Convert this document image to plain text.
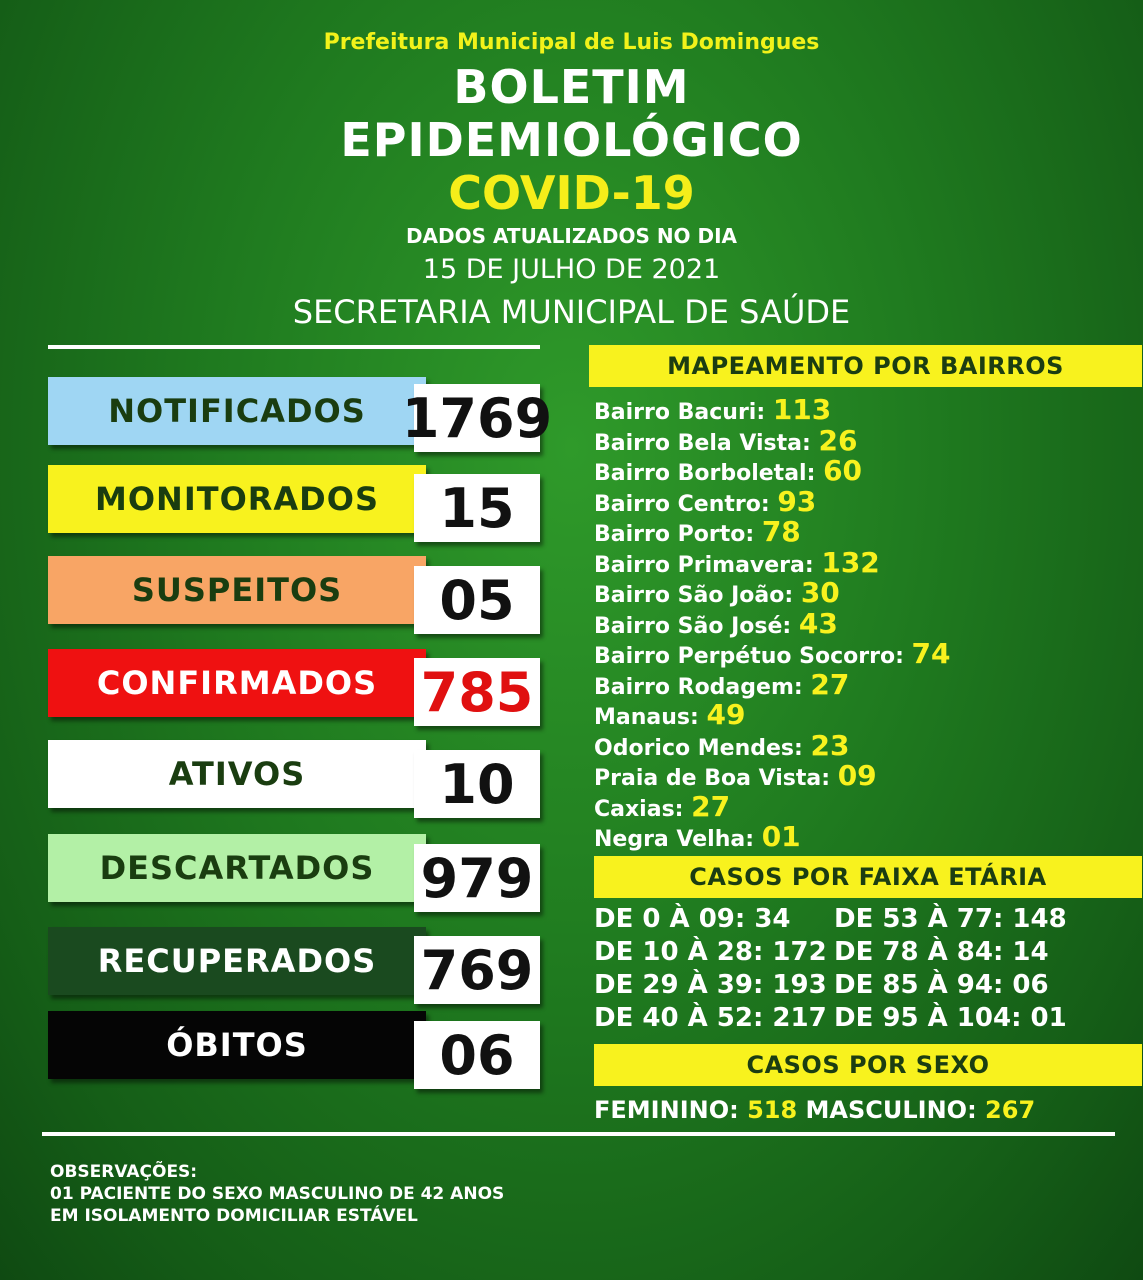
Prefeitura Municipal de Luis Domingues
BOLETIM
EPIDEMIOLÓGICO
COVID-19
DADOS ATUALIZADOS NO DIA
15 DE JULHO DE 2021
SECRETARIA MUNICIPAL DE SAÚDE
NOTIFICADOS 1769
MONITORADOS	15
SUSPEITOS	05
CONFIRMADOS 785
ATIVOS	10
DESCARTADOS 979
RECUPERADOS 769
ÓBITOS	06
MAPEAMENTO POR BAIRROS
Bairro Bacuri: 113
Bairro Bela Vista: 26
Bairro Borboletal: 60
Bairro Centro: 93
Bairro Porto: 78
Bairro Primavera: 132
Bairro São João: 30
Bairro São José: 43
Bairro Perpétuo Socorro: 74
Bairro Rodagem: 27
Manaus: 49
Odorico Mendes: 23
Praia de Boa Vista: 09
Caxias: 27
Negra Velha: 01
CASOS POR FAIXA ETÁRIA
DE 0 À 09: 34
DE 10 À 28: 172
DE 29 À 39: 193
DE 40 À 52: 217
DE 53 À 77: 148
DE 78 À 84: 14
DE 85 À 94: 06
DE 95 À 104: 01
CASOS POR SEXO
FEMININO: 518 MASCULINO: 267
OBSERVAÇÕES:
01 PACIENTE DO SEXO MASCULINO DE 42 ANOS
EM ISOLAMENTO DOMICILIAR ESTÁVEL
